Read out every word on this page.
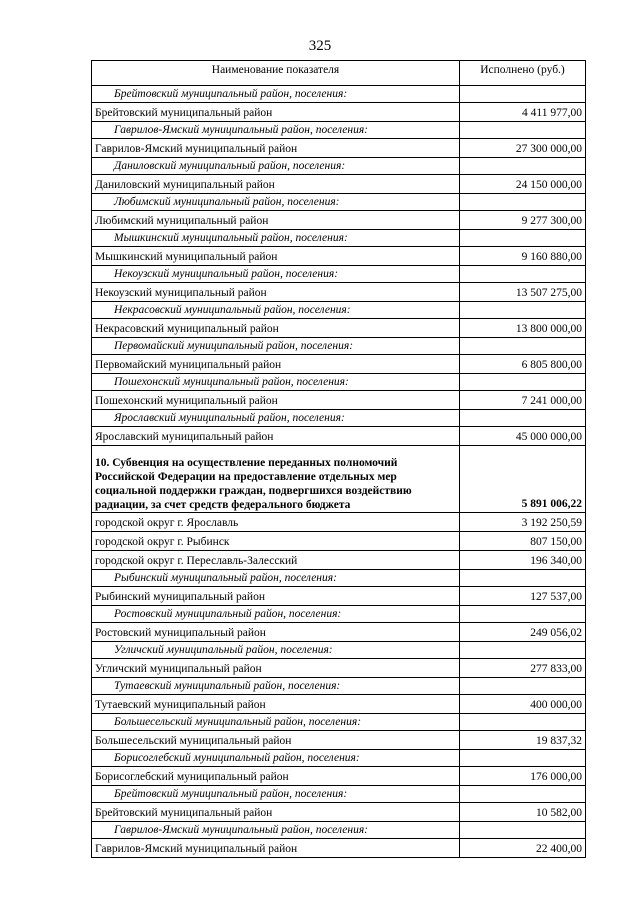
325
Наименование показателя	Исполнено (руб.)
Брейтовский муниципальный район, поселения:	
Брейтовский муниципальный район	4 411 977,00
Гаврилов-Ямский муниципальный район, поселения:	
Гаврилов-Ямский муниципальный район	27 300 000,00
Даниловский муниципальный район, поселения:	
Даниловский муниципальный район	24 150 000,00
Любимский муниципальный район, поселения:	
Любимский муниципальный район	9 277 300,00
Мышкинский муниципальный район, поселения:	
Мышкинский муниципальный район	9 160 880,00
Некоузский муниципальный район, поселения:	
Некоузский муниципальный район	13 507 275,00
Некрасовский муниципальный район, поселения:	
Некрасовский муниципальный район	13 800 000,00
Первомайский муниципальный район, поселения:	
Первомайский муниципальный район	6 805 800,00
Пошехонский муниципальный район, поселения:	
Пошехонский муниципальный район	7 241 000,00
Ярославский муниципальный район, поселения:	
Ярославский муниципальный район	45 000 000,00
10. Субвенция на осуществление переданных полномочий Российской Федерации на предоставление отдельных мер социальной поддержки граждан, подвергшихся воздействию радиации, за счет средств федерального бюджета	5 891 006,22
городской округ г. Ярославль	3 192 250,59
городской округ г. Рыбинск	807 150,00
городской округ г. Переславль-Залесский	196 340,00
Рыбинский муниципальный район, поселения:	
Рыбинский муниципальный район	127 537,00
Ростовский муниципальный район, поселения:	
Ростовский муниципальный район	249 056,02
Угличский муниципальный район, поселения:	
Угличский муниципальный район	277 833,00
Тутаевский муниципальный район, поселения:	
Тутаевский муниципальный район	400 000,00
Большесельский муниципальный район, поселения:	
Большесельский муниципальный район	19 837,32
Борисоглебский муниципальный район, поселения:	
Борисоглебский муниципальный район	176 000,00
Брейтовский муниципальный район, поселения:	
Брейтовский муниципальный район	10 582,00
Гаврилов-Ямский муниципальный район, поселения:	
Гаврилов-Ямский муниципальный район	22 400,00
